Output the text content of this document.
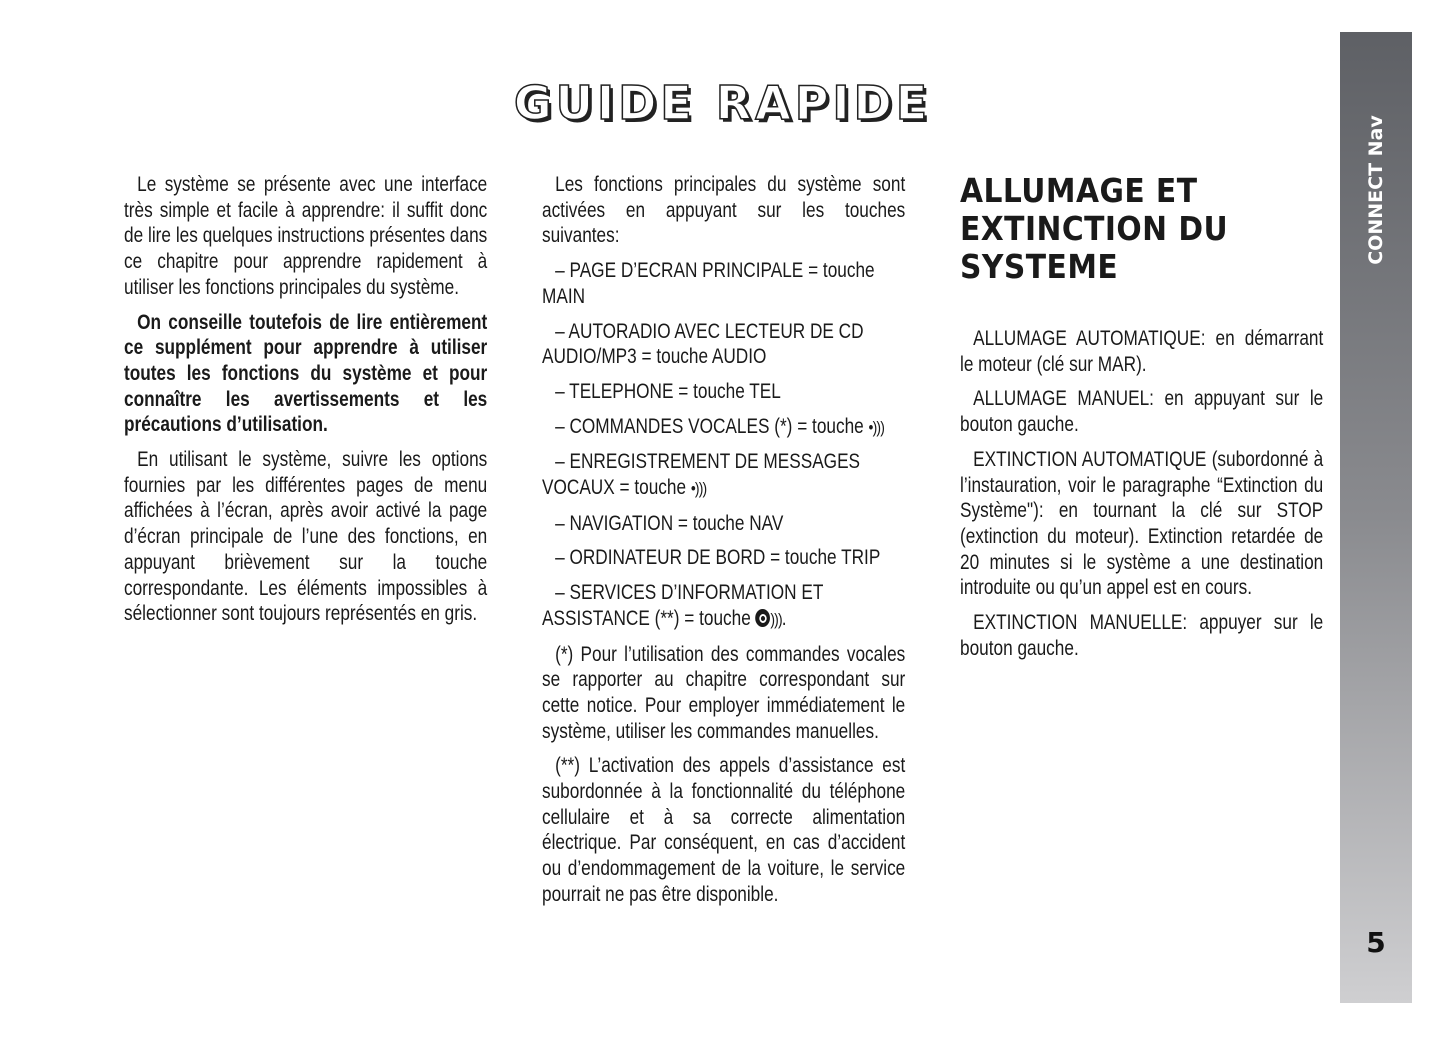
GUIDE RAPIDE

Le système se présente avec une interface très simple et facile à apprendre: il suffit donc de lire les quelques instructions présentes dans ce chapitre pour apprendre rapidement à utiliser les fonctions principales du système.

On conseille toutefois de lire entièrement ce supplément pour apprendre à utiliser toutes les fonctions du système et pour connaître les avertissements et les précautions d’utilisation.

En utilisant le système, suivre les options fournies par les différentes pages de menu affichées à l’écran, après avoir activé la page d’écran principale de l’une des fonctions, en appuyant brièvement sur la touche correspondante. Les éléments impossibles à sélectionner sont toujours représentés en gris.

Les fonctions principales du système sont activées en appuyant sur les touches suivantes:

– PAGE D’ECRAN PRINCIPALE = touche MAIN

– AUTORADIO AVEC LECTEUR DE CD AUDIO/MP3 = touche AUDIO

– TELEPHONE = touche TEL

– COMMANDES VOCALES (*) = touche •)))

– ENREGISTREMENT DE MESSAGES VOCAUX = touche •)))

– NAVIGATION = touche NAV

– ORDINATEUR DE BORD = touche TRIP

– SERVICES D’INFORMATION ET ASSISTANCE (**) = touche ))).

(*) Pour l’utilisation des commandes vocales se rapporter au chapitre correspondant sur cette notice. Pour employer immédiatement le système, utiliser les commandes manuelles.

(**) L’activation des appels d’assistance est subordonnée à la fonctionnalité du téléphone cellulaire et à sa correcte alimentation électrique. Par conséquent, en cas d’accident ou d’endommagement de la voiture, le service pourrait ne pas être disponible.

ALLUMAGE ET EXTINCTION DU SYSTEME

ALLUMAGE AUTOMATIQUE: en démarrant le moteur (clé sur MAR).

ALLUMAGE MANUEL: en appuyant sur le bouton gauche.

EXTINCTION AUTOMATIQUE (subordonné à l’instauration, voir le paragraphe “Extinction du Système"): en tournant la clé sur STOP (extinction du moteur). Extinction retardée de 20 minutes si le système a une destination introduite ou qu’un appel est en cours.

EXTINCTION MANUELLE: appuyer sur le bouton gauche.

CONNECT Nav
5
